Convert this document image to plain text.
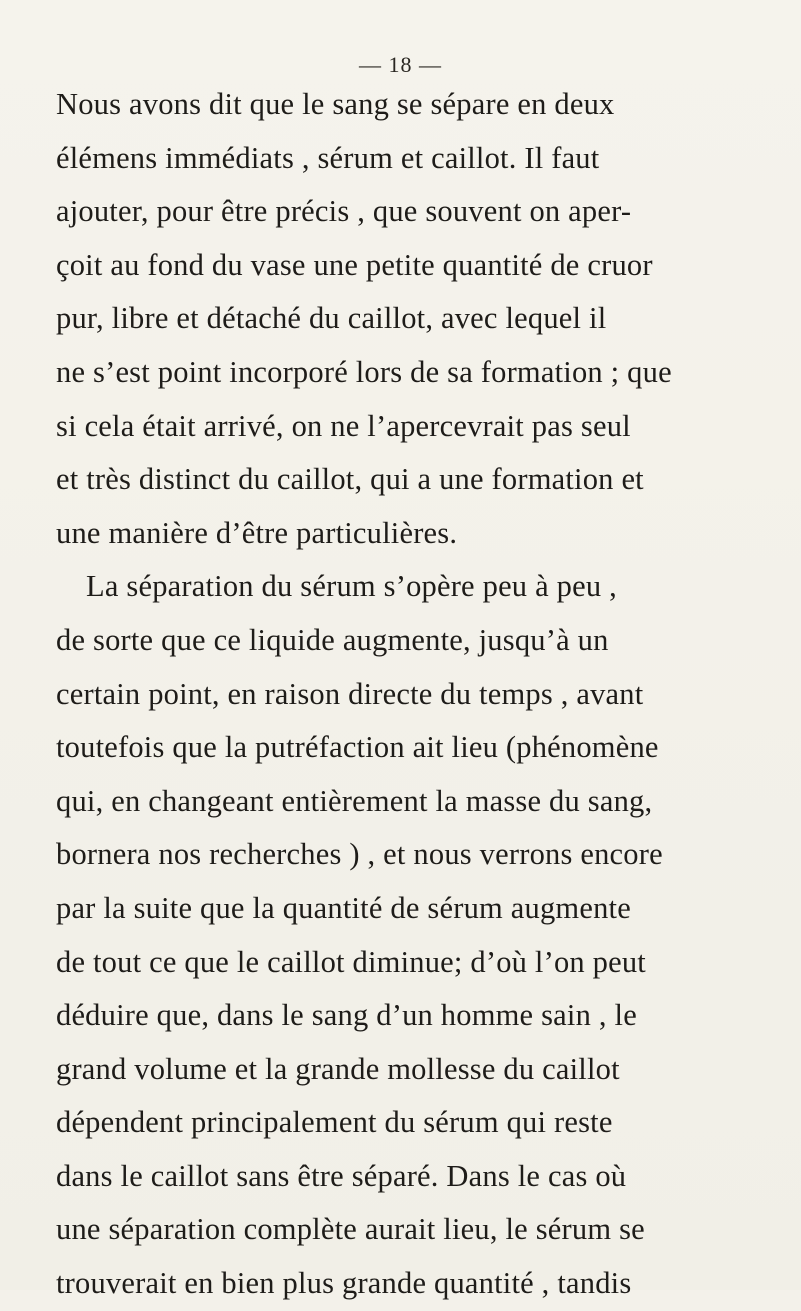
— 18 —
Nous avons dit que le sang se sépare en deux
élémens immédiats , sérum et caillot. Il faut
ajouter, pour être précis , que souvent on aper-
çoit au fond du vase une petite quantité de cruor
pur, libre et détaché du caillot, avec lequel il
ne s’est point incorporé lors de sa formation ; que
si cela était arrivé, on ne l’apercevrait pas seul
et très distinct du caillot, qui a une formation et
une manière d’être particulières.
La séparation du sérum s’opère peu à peu ,
de sorte que ce liquide augmente, jusqu’à un
certain point, en raison directe du temps , avant
toutefois que la putréfaction ait lieu (phénomène
qui, en changeant entièrement la masse du sang,
bornera nos recherches ) , et nous verrons encore
par la suite que la quantité de sérum augmente
de tout ce que le caillot diminue; d’où l’on peut
déduire que, dans le sang d’un homme sain , le
grand volume et la grande mollesse du caillot
dépendent principalement du sérum qui reste
dans le caillot sans être séparé. Dans le cas où
une séparation complète aurait lieu, le sérum se
trouverait en bien plus grande quantité , tandis
